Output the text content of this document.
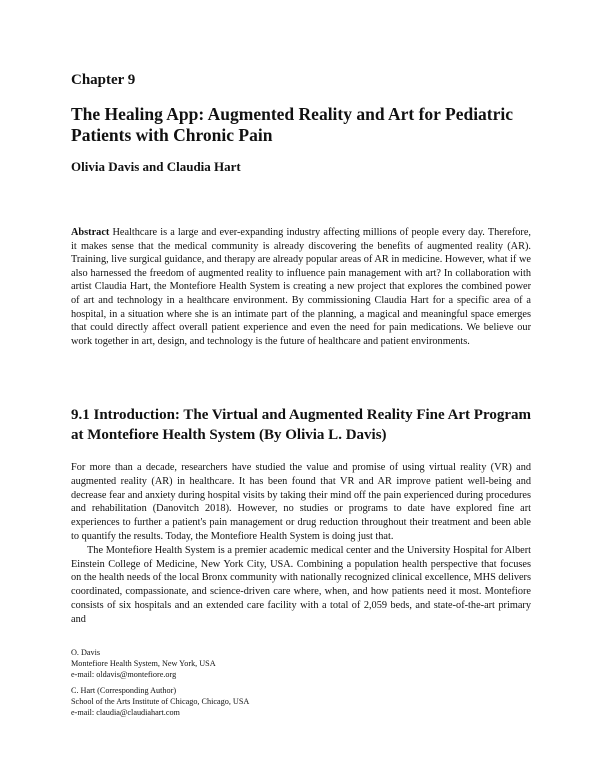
Chapter 9
The Healing App: Augmented Reality and Art for Pediatric Patients with Chronic Pain
Olivia Davis and Claudia Hart

Abstract Healthcare is a large and ever-expanding industry affecting millions of people every day. Therefore, it makes sense that the medical community is already discovering the benefits of augmented reality (AR). Training, live surgical guidance, and therapy are already popular areas of AR in medicine. However, what if we also harnessed the freedom of augmented reality to influence pain management with art? In collaboration with artist Claudia Hart, the Montefiore Health System is creating a new project that explores the combined power of art and technology in a healthcare environment. By commissioning Claudia Hart for a specific area of a hospital, in a situation where she is an intimate part of the planning, a magical and meaningful space emerges that could directly affect overall patient experience and even the need for pain medications. We believe our work together in art, design, and technology is the future of healthcare and patient environments.

9.1 Introduction: The Virtual and Augmented Reality Fine Art Program at Montefiore Health System (By Olivia L. Davis)

For more than a decade, researchers have studied the value and promise of using virtual reality (VR) and augmented reality (AR) in healthcare. It has been found that VR and AR improve patient well-being and decrease fear and anxiety during hospital visits by taking their mind off the pain experienced during procedures and rehabilitation (Danovitch 2018). However, no studies or programs to date have explored fine art experiences to further a patient's pain management or drug reduction throughout their treatment and been able to quantify the results. Today, the Montefiore Health System is doing just that.

The Montefiore Health System is a premier academic medical center and the University Hospital for Albert Einstein College of Medicine, New York City, USA. Combining a population health perspective that focuses on the health needs of the local Bronx community with nationally recognized clinical excellence, MHS delivers coordinated, compassionate, and science-driven care where, when, and how patients need it most. Montefiore consists of six hospitals and an extended care facility with a total of 2,059 beds, and state-of-the-art primary and

O. Davis
Montefiore Health System, New York, USA
e-mail: oldavis@montefiore.org
C. Hart (Corresponding Author)
School of the Arts Institute of Chicago, Chicago, USA
e-mail: claudia@claudiahart.com
